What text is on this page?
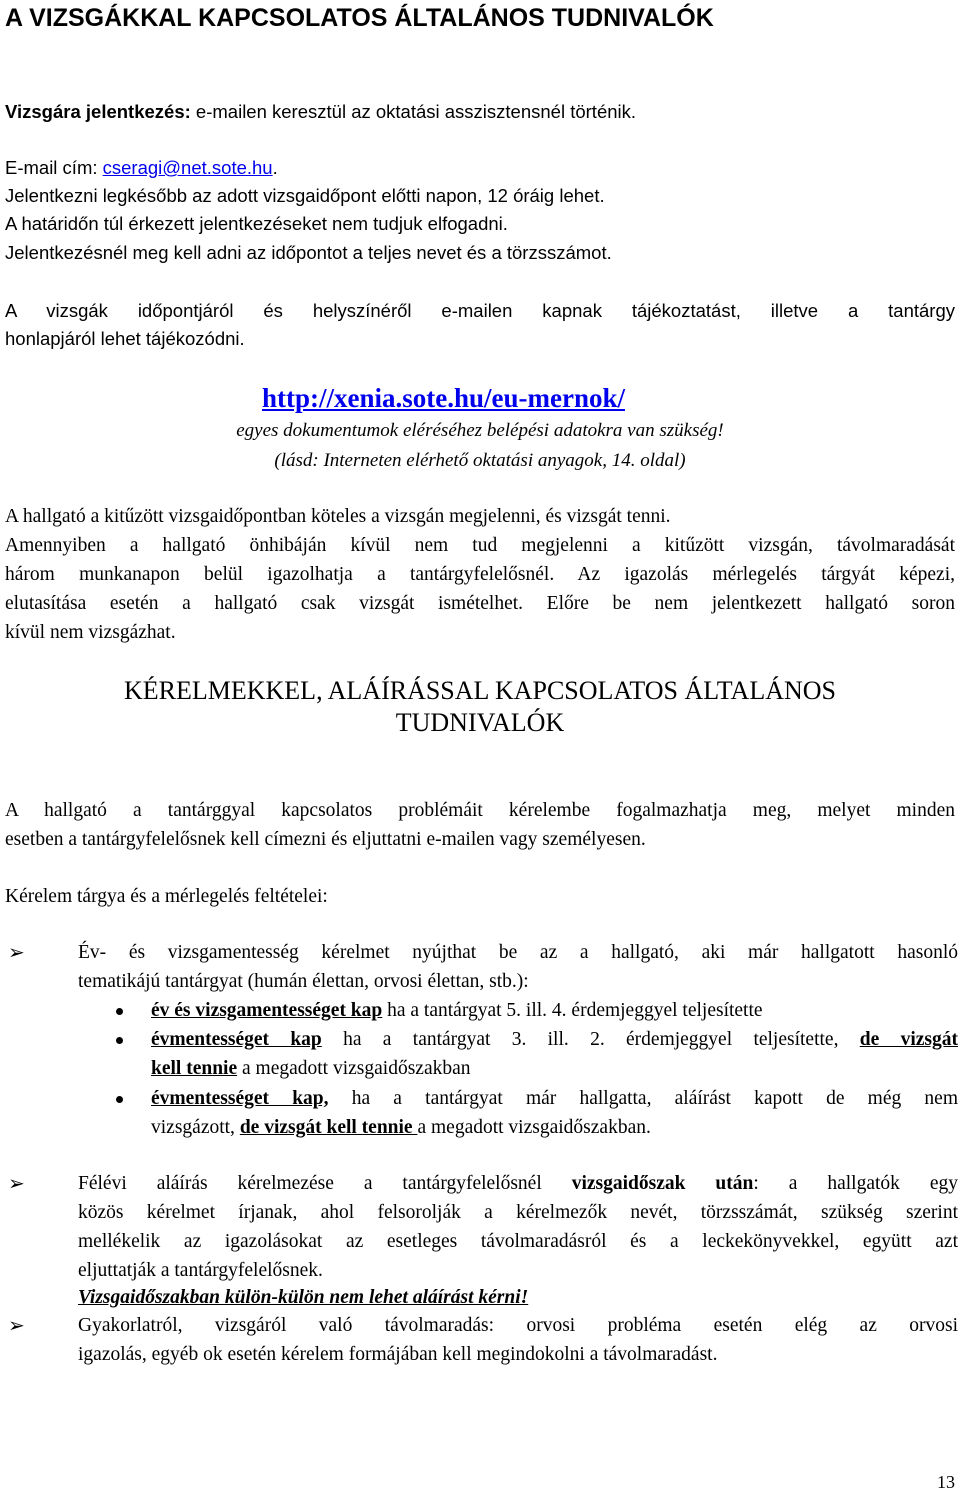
A VIZSGÁKKAL KAPCSOLATOS ÁLTALÁNOS TUDNIVALÓK
Vizsgára jelentkezés: e-mailen keresztül az oktatási asszisztensnél történik.
E-mail cím: cseragi@net.sote.hu.
Jelentkezni legkésőbb az adott vizsgaidőpont előtti napon, 12 óráig lehet.
A határidőn túl érkezett jelentkezéseket nem tudjuk elfogadni.
Jelentkezésnél meg kell adni az időpontot a teljes nevet és a törzsszámot.
A vizsgák időpontjáról és helyszínéről e-mailen kapnak tájékoztatást, illetve a tantárgy
honlapjáról lehet tájékozódni.
http://xenia.sote.hu/eu-mernok/
egyes dokumentumok eléréséhez belépési adatokra van szükség!
(lásd: Interneten elérhető oktatási anyagok, 14. oldal)
A hallgató a kitűzött vizsgaidőpontban köteles a vizsgán megjelenni, és vizsgát tenni.
Amennyiben a hallgató önhibáján kívül nem tud megjelenni a kitűzött vizsgán, távolmaradását
három munkanapon belül igazolhatja a tantárgyfelelősnél. Az igazolás mérlegelés tárgyát képezi,
elutasítása esetén a hallgató csak vizsgát ismételhet. Előre be nem jelentkezett hallgató soron
kívül nem vizsgázhat.
KÉRELMEKKEL, ALÁÍRÁSSAL KAPCSOLATOS ÁLTALÁNOS
TUDNIVALÓK
A hallgató a tantárggyal kapcsolatos problémáit kérelembe fogalmazhatja meg, melyet minden
esetben a tantárgyfelelősnek kell címezni és eljuttatni e-mailen vagy személyesen.
Kérelem tárgya és a mérlegelés feltételei:
➢	Év- és vizsgamentesség kérelmet nyújthat be az a hallgató, aki már hallgatott hasonló
tematikájú tantárgyat (humán élettan, orvosi élettan, stb.):
év és vizsgamentességet kap ha a tantárgyat 5. ill. 4. érdemjeggyel teljesítette
évmentességet kap ha a tantárgyat 3. ill. 2. érdemjeggyel teljesítette, de vizsgát
kell tennie a megadott vizsgaidőszakban
évmentességet kap, ha a tantárgyat már hallgatta, aláírást kapott de még nem
vizsgázott, de vizsgát kell tennie a megadott vizsgaidőszakban.
➢	Félévi aláírás kérelmezése a tantárgyfelelősnél vizsgaidőszak után: a hallgatók egy
közös kérelmet írjanak, ahol felsorolják a kérelmezők nevét, törzsszámát, szükség szerint
mellékelik az igazolásokat az esetleges távolmaradásról és a leckekönyvekkel, együtt azt
eljuttatják a tantárgyfelelősnek.
Vizsgaidőszakban külön-külön nem lehet aláírást kérni!
➢	Gyakorlatról, vizsgáról való távolmaradás: orvosi probléma esetén elég az orvosi
igazolás, egyéb ok esetén kérelem formájában kell megindokolni a távolmaradást.
13
